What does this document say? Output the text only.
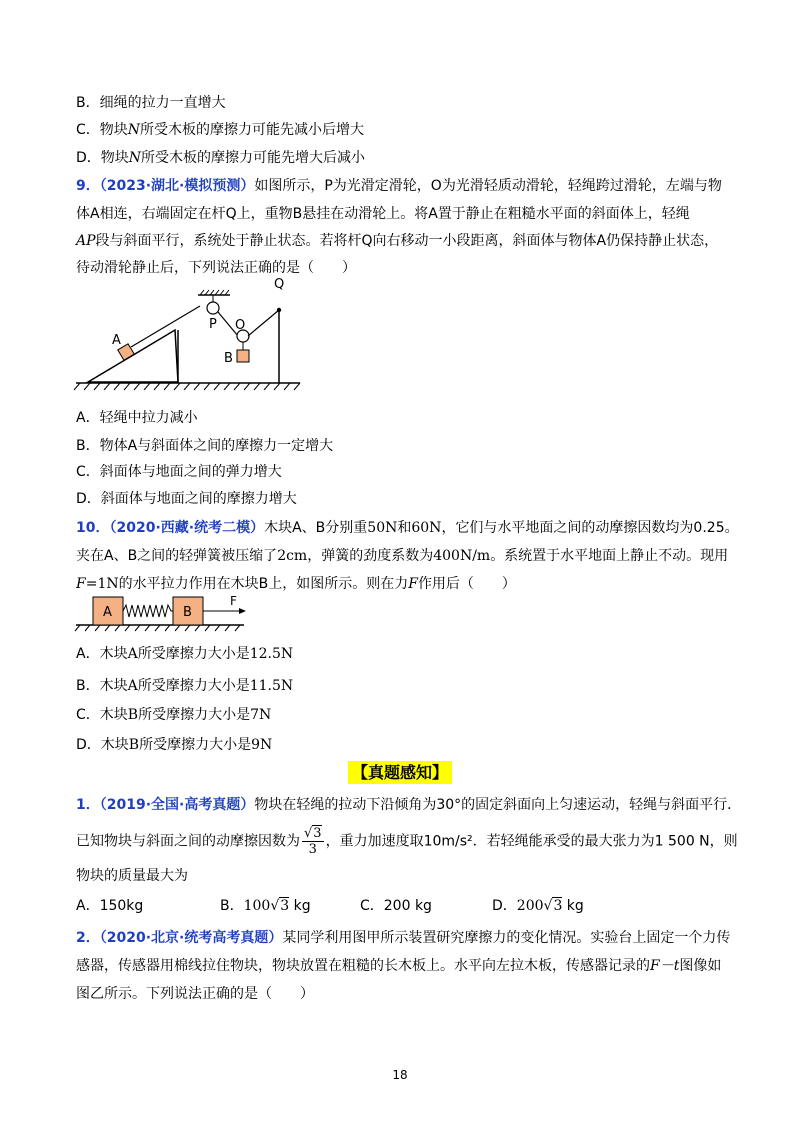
B．细绳的拉力一直增大
C．物块N所受木板的摩擦力可能先减小后增大
D．物块N所受木板的摩擦力可能先增大后减小
9．（2023·湖北·模拟预测）如图所示，P为光滑定滑轮，O为光滑轻质动滑轮，轻绳跨过滑轮，左端与物
体A相连，右端固定在杆Q上，重物B悬挂在动滑轮上。将A置于静止在粗糙水平面的斜面体上，轻绳
AP段与斜面平行，系统处于静止状态。若将杆Q向右移动一小段距离，斜面体与物体A仍保持静止状态，
待动滑轮静止后，下列说法正确的是（　　）
A
P O
B
Q
A．轻绳中拉力减小
B．物体A与斜面体之间的摩擦力一定增大
C．斜面体与地面之间的弹力增大
D．斜面体与地面之间的摩擦力增大
10．（2020·西藏·统考二模）木块A、B分别重50N和60N，它们与水平地面之间的动摩擦因数均为0.25。
夹在A、B之间的轻弹簧被压缩了2cm，弹簧的劲度系数为400N/m。系统置于水平地面上静止不动。现用
F=1N的水平拉力作用在木块B上，如图所示。则在力F作用后（　　）
A	B
F
A．木块A所受摩擦力大小是12.5N
B．木块A所受摩擦力大小是11.5N
C．木块B所受摩擦力大小是7N
D．木块B所受摩擦力大小是9N
【真题感知】
1．（2019·全国·高考真题）物块在轻绳的拉动下沿倾角为30°的固定斜面向上匀速运动，轻绳与斜面平行．
已知物块与斜面之间的动摩擦因数为 $\frac{√3}{3}$ ，重力加速度取10m/s²．若轻绳能承受的最大张力为1 500 N，则
物块的质量最大为
A．150kg	B．100√3 kg	C．200 kg	D．200√3 kg
2．（2020·北京·统考高考真题）某同学利用图甲所示装置研究摩擦力的变化情况。实验台上固定一个力传
感器，传感器用棉线拉住物块，物块放置在粗糙的长木板上。水平向左拉木板，传感器记录的F－t图像如
图乙所示。下列说法正确的是（　　）
18
